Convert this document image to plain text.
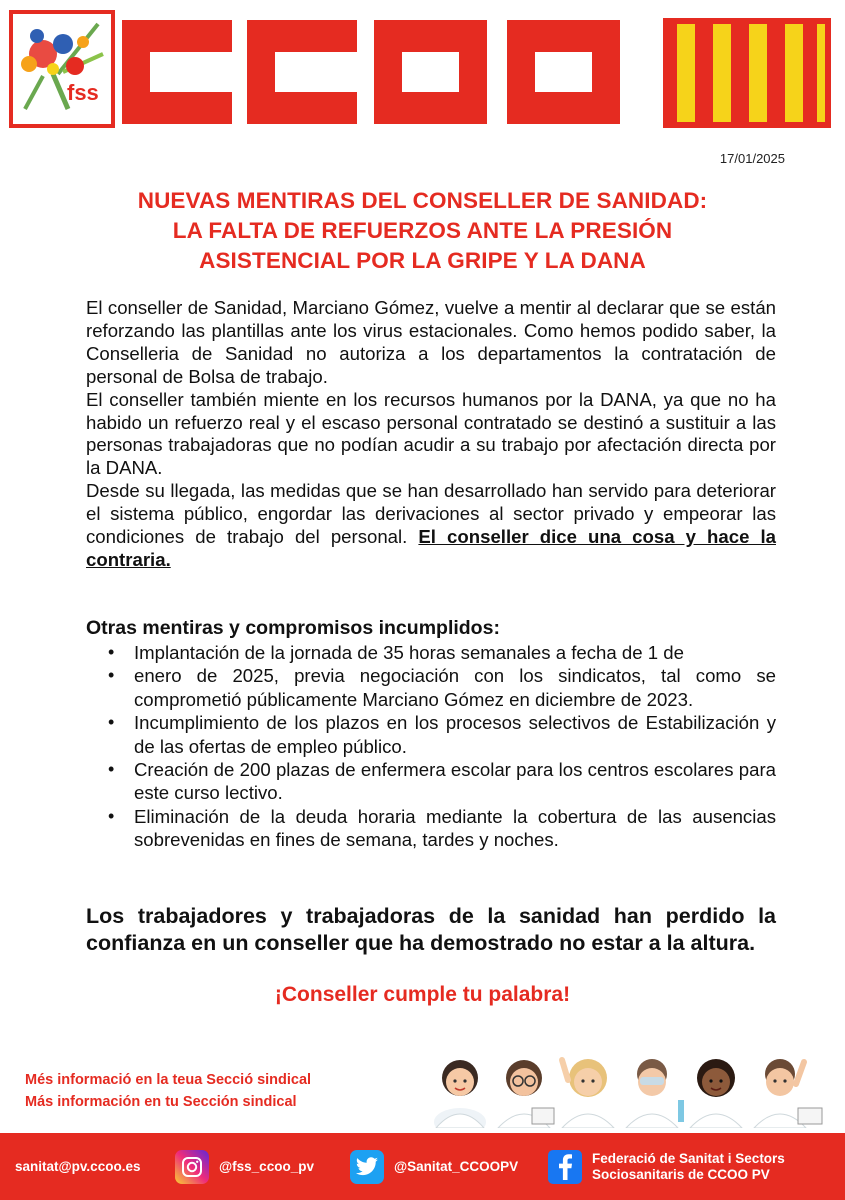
fss
17/01/2025
NUEVAS MENTIRAS DEL CONSELLER DE SANIDAD:
LA FALTA DE REFUERZOS ANTE LA PRESIÓN
ASISTENCIAL POR LA GRIPE Y LA DANA

El conseller de Sanidad, Marciano Gómez, vuelve a mentir al declarar que se están reforzando las plantillas ante los virus estacionales. Como hemos podido saber, la Conselleria de Sanidad no autoriza a los departamentos la contratación de personal de Bolsa de trabajo.

El conseller también miente en los recursos humanos por la DANA, ya que no ha habido un refuerzo real y el escaso personal contratado se destinó a sustituir a las personas trabajadoras que no podían acudir a su trabajo por afectación directa por la DANA.

Desde su llegada, las medidas que se han desarrollado han servido para deteriorar el sistema público, engordar las derivaciones al sector privado y empeorar las condiciones de trabajo del personal. El conseller dice una cosa y hace la contraria.

Otras mentiras y compromisos incumplidos:
• Implantación de la jornada de 35 horas semanales a fecha de 1 de
• enero de 2025, previa negociación con los sindicatos, tal como se comprometió públicamente Marciano Gómez en diciembre de 2023.
• Incumplimiento de los plazos en los procesos selectivos de Estabilización y de las ofertas de empleo público.
• Creación de 200 plazas de enfermera escolar para los centros escolares para este curso lectivo.
• Eliminación de la deuda horaria mediante la cobertura de las ausencias sobrevenidas en fines de semana, tardes y noches.
Los trabajadores y trabajadoras de la sanidad han perdido la confianza en un conseller que ha demostrado no estar a la altura.
¡Conseller cumple tu palabra!
Més informació en la teua Secció sindical
Más información en tu Sección sindical
sanitat@pv.ccoo.es	@fss_ccoo_pv	@Sanitat_CCOOPV
Federació de Sanitat i Sectors
Sociosanitaris de CCOO PV
